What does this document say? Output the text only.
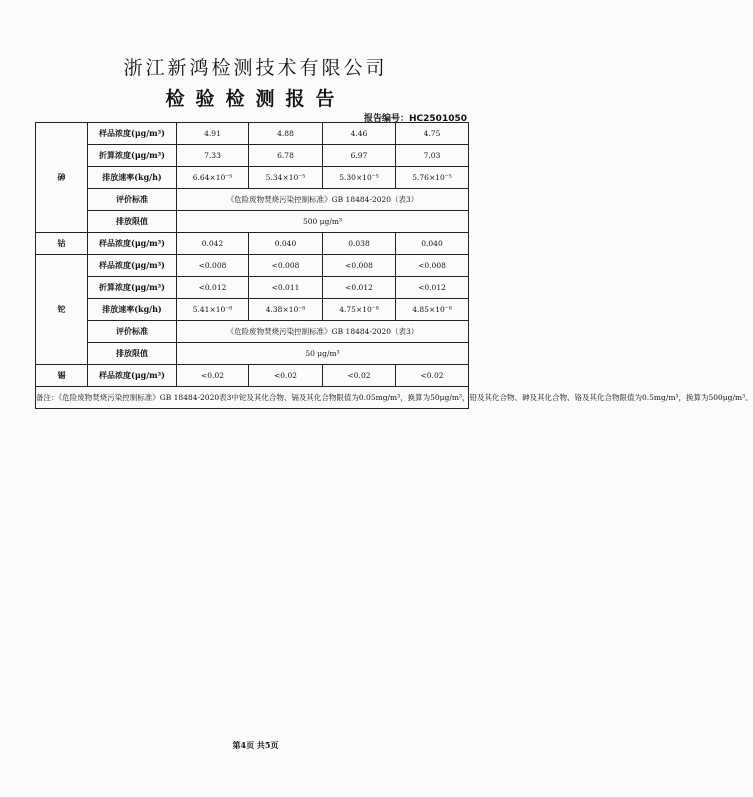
浙江新鸿检测技术有限公司
检验检测报告
报告编号：HC2501050
砷	样品浓度(μg/m³)	4.91	4.88	4.46	4.75
	折算浓度(μg/m³)	7.33	6.78	6.97	7.03
	排放速率(kg/h)	6.64×10⁻⁵	5.34×10⁻⁵	5.30×10⁻⁵	5.76×10⁻⁵
	评价标准	《危险废物焚烧污染控制标准》GB 18484-2020（表3）			
	排放限值	500 μg/m³			
钴	样品浓度(μg/m³)	0.042	0.040	0.038	0.040
铊	样品浓度(μg/m³)	<0.008	<0.008	<0.008	<0.008
	折算浓度(μg/m³)	<0.012	<0.011	<0.012	<0.012
	排放速率(kg/h)	5.41×10⁻⁸	4.38×10⁻⁸	4.75×10⁻⁸	4.85×10⁻⁸
	评价标准	《危险废物焚烧污染控制标准》GB 18484-2020（表3）			
	排放限值	50 μg/m³			
锡	样品浓度(μg/m³)	<0.02	<0.02	<0.02	<0.02
备注：《危险废物焚烧污染控制标准》GB 18484-2020表3中铊及其化合物、镉及其化合物限值为0.05mg/m³，换算为50μg/m³，铅及其化合物、砷及其化合物、铬及其化合物限值为0.5mg/m³，换算为500μg/m³。					
第4页 共5页
